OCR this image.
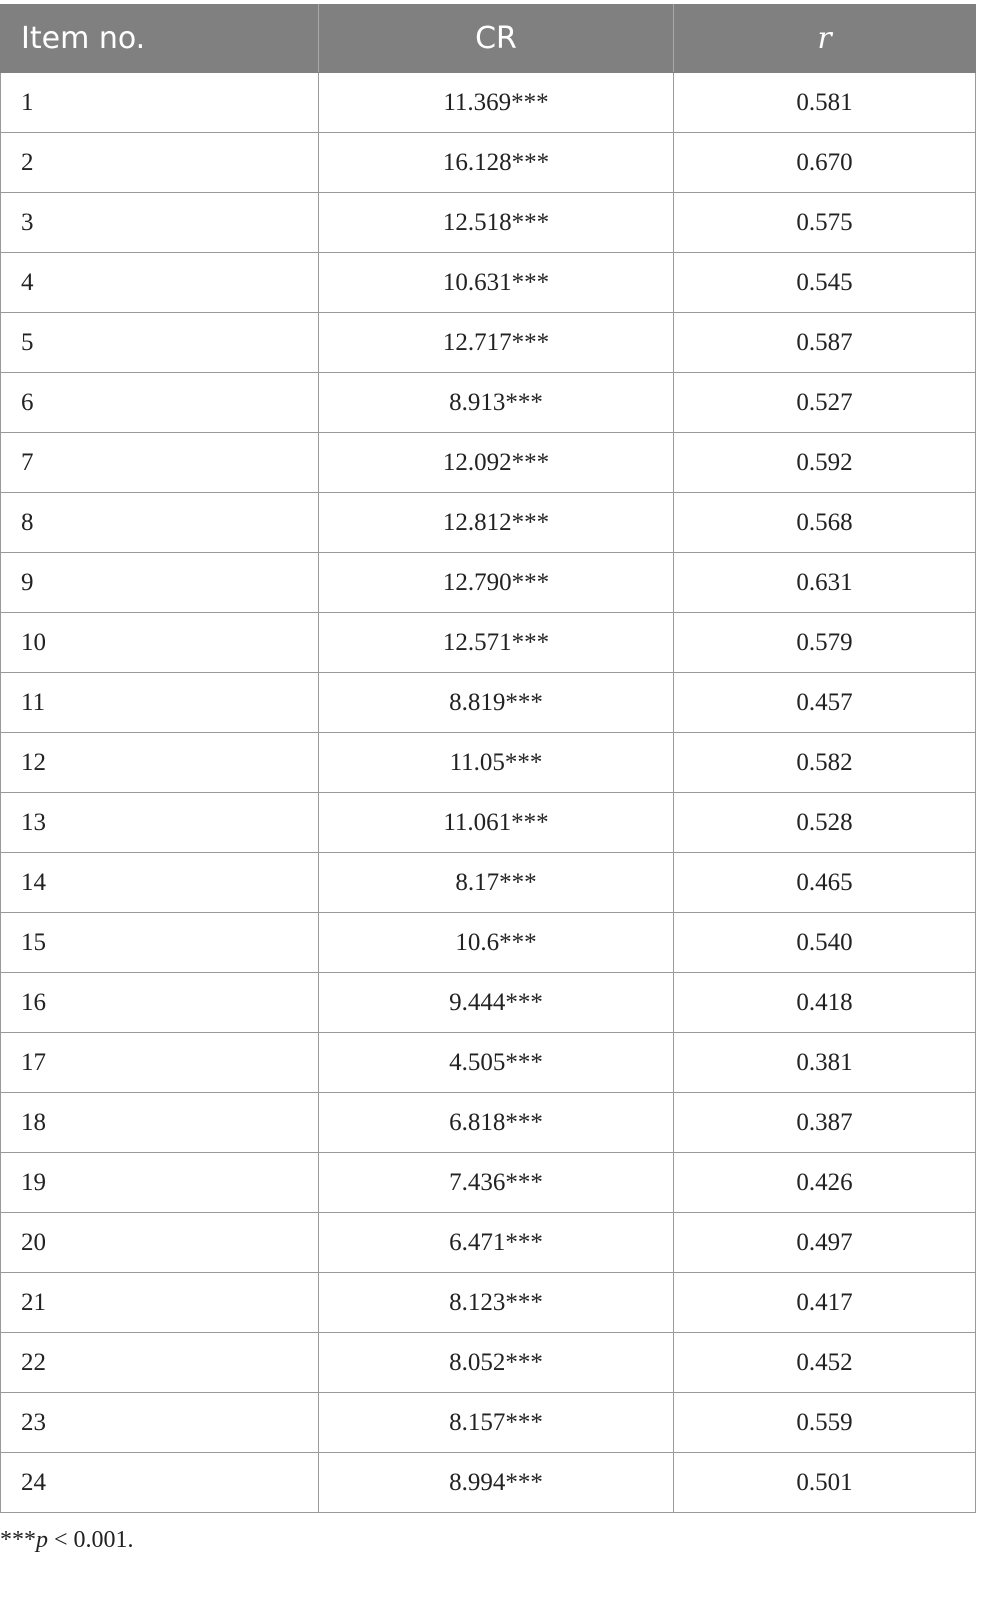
Item no.	CR	r
1	11.369***	0.581
2	16.128***	0.670
3	12.518***	0.575
4	10.631***	0.545
5	12.717***	0.587
6	8.913***	0.527
7	12.092***	0.592
8	12.812***	0.568
9	12.790***	0.631
10	12.571***	0.579
11	8.819***	0.457
12	11.05***	0.582
13	11.061***	0.528
14	8.17***	0.465
15	10.6***	0.540
16	9.444***	0.418
17	4.505***	0.381
18	6.818***	0.387
19	7.436***	0.426
20	6.471***	0.497
21	8.123***	0.417
22	8.052***	0.452
23	8.157***	0.559
24	8.994***	0.501
***p < 0.001.
